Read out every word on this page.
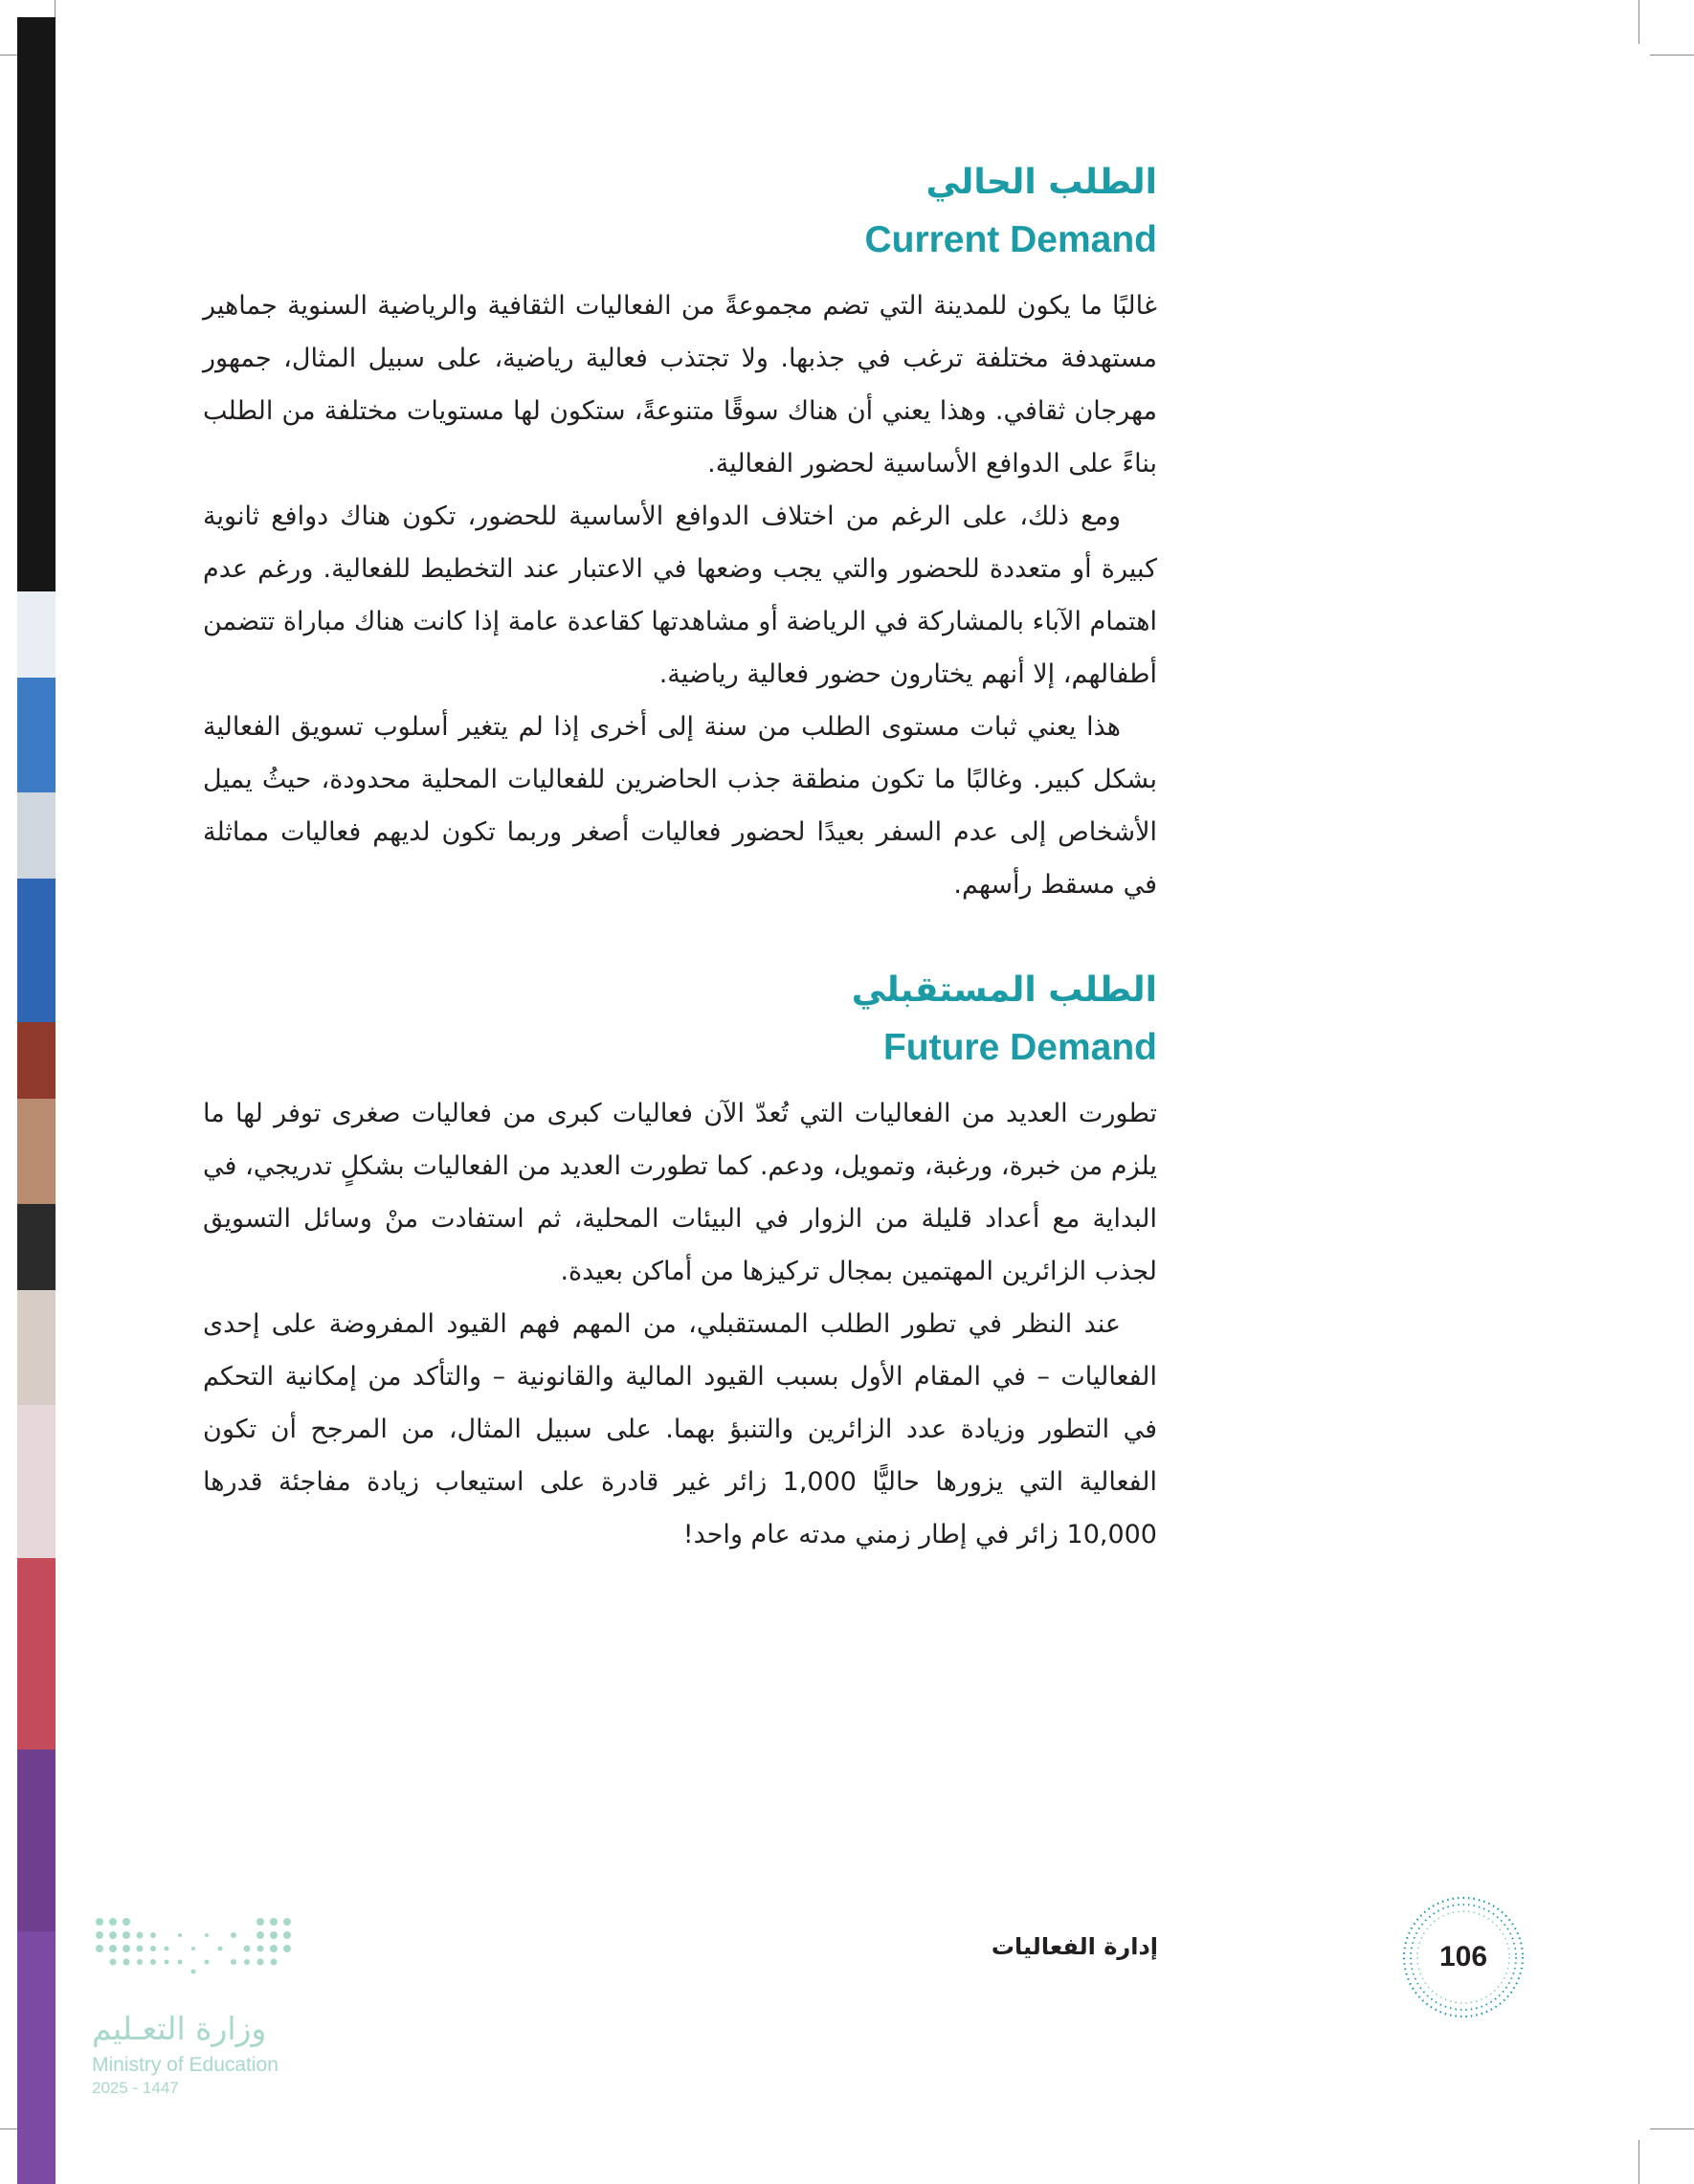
الطلب الحالي
Current Demand

غالبًا ما يكون للمدينة التي تضم مجموعةً من الفعاليات الثقافية والرياضية السنوية جماهير مستهدفة مختلفة ترغب في جذبها. ولا تجتذب فعالية رياضية، على سبيل المثال، جمهور مهرجان ثقافي. وهذا يعني أن هناك سوقًا متنوعةً، ستكون لها مستويات مختلفة من الطلب بناءً على الدوافع الأساسية لحضور الفعالية.

ومع ذلك، على الرغم من اختلاف الدوافع الأساسية للحضور، تكون هناك دوافع ثانوية كبيرة أو متعددة للحضور والتي يجب وضعها في الاعتبار عند التخطيط للفعالية. ورغم عدم اهتمام الآباء بالمشاركة في الرياضة أو مشاهدتها كقاعدة عامة إذا كانت هناك مباراة تتضمن أطفالهم، إلا أنهم يختارون حضور فعالية رياضية.

هذا يعني ثبات مستوى الطلب من سنة إلى أخرى إذا لم يتغير أسلوب تسويق الفعالية بشكل كبير. وغالبًا ما تكون منطقة جذب الحاضرين للفعاليات المحلية محدودة، حيثُ يميل الأشخاص إلى عدم السفر بعيدًا لحضور فعاليات أصغر وربما تكون لديهم فعاليات مماثلة في مسقط رأسهم.

الطلب المستقبلي
Future Demand

تطورت العديد من الفعاليات التي تُعدّ الآن فعاليات كبرى من فعاليات صغرى توفر لها ما يلزم من خبرة، ورغبة، وتمويل، ودعم. كما تطورت العديد من الفعاليات بشكلٍ تدريجي، في البداية مع أعداد قليلة من الزوار في البيئات المحلية، ثم استفادت منْ وسائل التسويق لجذب الزائرين المهتمين بمجال تركيزها من أماكن بعيدة.

عند النظر في تطور الطلب المستقبلي، من المهم فهم القيود المفروضة على إحدى الفعاليات – في المقام الأول بسبب القيود المالية والقانونية – والتأكد من إمكانية التحكم في التطور وزيادة عدد الزائرين والتنبؤ بهما. على سبيل المثال، من المرجح أن تكون الفعالية التي يزورها حاليًّا 1,000 زائر غير قادرة على استيعاب زيادة مفاجئة قدرها 10,000 زائر في إطار زمني مدته عام واحد!

إدارة الفعاليات	106
وزارة التعـليم
Ministry of Education
2025 - 1447
